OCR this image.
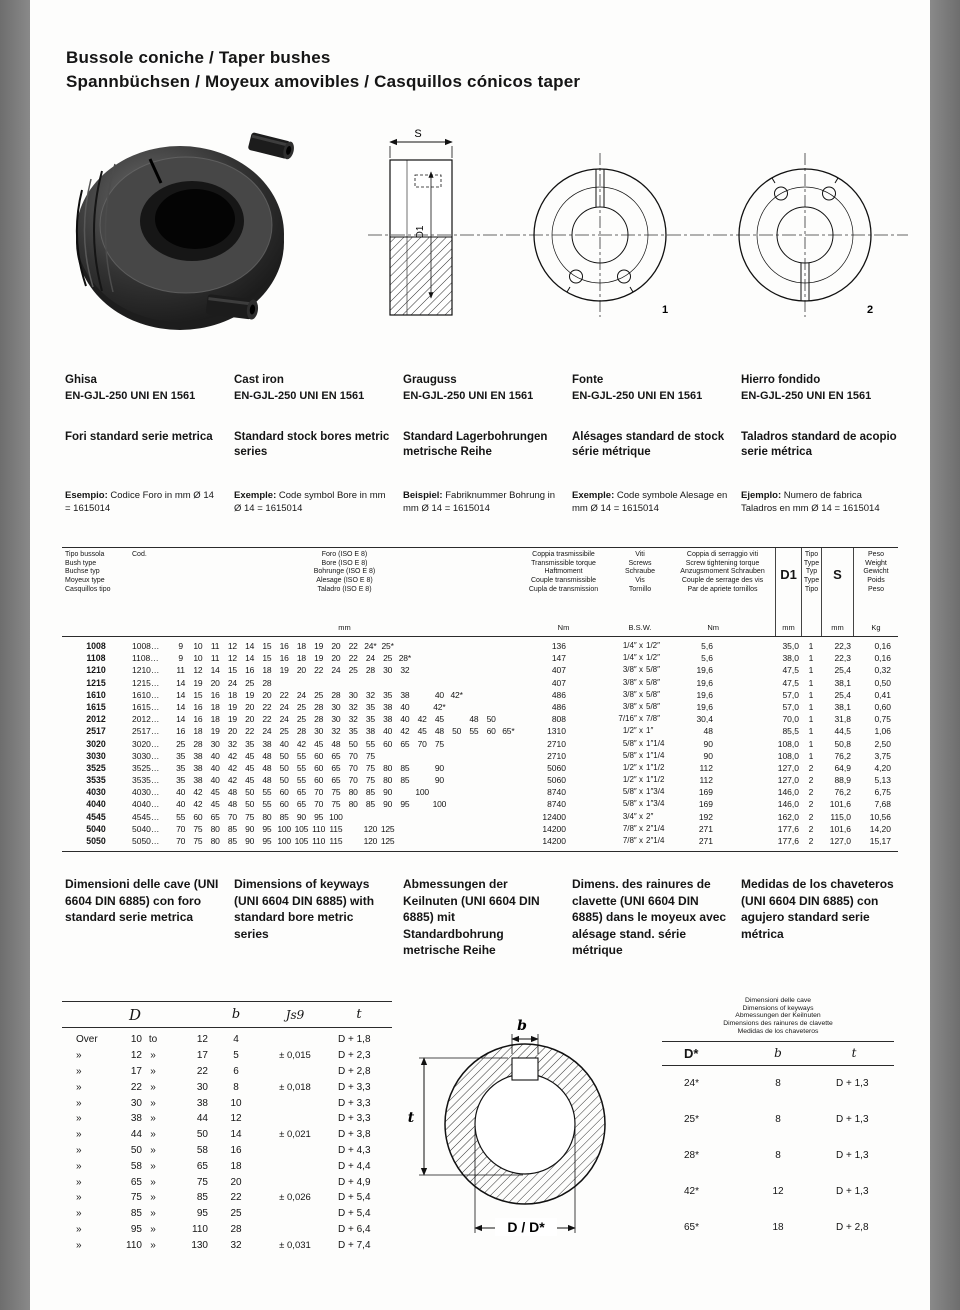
Bussole coniche / Taper bushes
Spannbüchsen / Moyeux amovibles / Casquillos cónicos taper
S
D1
1	2
Ghisa
EN-GJL-250 UNI EN 1561
Cast iron
EN-GJL-250 UNI EN 1561
Grauguss
EN-GJL-250 UNI EN 1561
Fonte
EN-GJL-250 UNI EN 1561
Hierro fondido
EN-GJL-250 UNI EN 1561
Fori standard serie metrica
Esempio: Codice Foro in mm Ø 14 = 1615014
Standard stock bores metric series
Exemple: Code symbol Bore in mm Ø 14 = 1615014
Standard Lagerbohrungen metrische Reihe
Beispiel: Fabriknummer Bohrung in mm Ø 14 = 1615014
Alésages standard de stock série métrique
Exemple: Code symbole Alesage en mm Ø 14 = 1615014
Taladros standard de acopio serie métrica
Ejemplo: Numero de fabrica Taladros en mm Ø 14 = 1615014
Tipo bussola
Bush type
Buchse typ
Moyeux type
Casquillos tipo
Cod.	Foro (ISO E 8)
Bore (ISO E 8)
Bohrunge (ISO E 8)
Alesage (ISO E 8)
Taladro (ISO E 8)
mm
Coppia trasmissibile
Transmissible torque
Haftmoment
Couple transmissible
Cupla de transmission
Nm
Viti
Screws
Schraube
Vis
Tornillo
B.S.W.
Coppia di serraggio viti
Screw tightening torque
Anzugsmoment Schrauben
Couple de serrage des vis
Par de apriete tornillos
Nm
D1
mm
Tipo
Type
Typ
Type
Tipo
S
mm
Peso
Weight
Gewicht
Poids
Peso
Kg
1008	1008…	9	10	11	12 14 15 16 18 19 20 22 24* 25*	136	1/4″ x 1/2″	5,6	35,0	1	22,3	0,16
1108	1108…	9	10	11	12 14 15 16 18 19 20 22 24 25 28*	147	1/4″ x 1/2″	5,6	38,0	1	22,3	0,16
1210	1210…	11	12 14 15 16 18 19 20 22 24 25 28 30 32	407	3/8″ x 5/8″	19,6	47,5	1	25,4	0,32
1215	1215…	14 19 20 24 25 28	407	3/8″ x 5/8″	19,6	47,5	1	38,1	0,50
1610	1610…	14 15 16 18 19 20 22 24 25 28 30 32 35 38	40 42*	486	3/8″ x 5/8″	19,6	57,0	1	25,4	0,41
1615	1615…	14 16 18 19 20 22 24 25 28 30 32 35 38 40	42*	486	3/8″ x 5/8″	19,6	57,0	1	38,1	0,60
2012	2012…	14 16 18 19 20 22 24 25 28 30 32 35 38 40 42 45	48 50	808	7/16″ x 7/8″	30,4	70,0	1	31,8	0,75
2517	2517…	16 18 19 20 22 24 25 28 30 32 35 38 40 42 45 48 50 55 60 65*	1310	1/2″ x 1″	48	85,5	1	44,5	1,06
3020	3020…	25 28 30 32 35 38 40 42 45 48 50 55 60 65 70 75	2710	5/8″ x 1″1/4	90	108,0	1	50,8	2,50
3030	3030…	35 38 40 42 45 48 50 55 60 65 70 75	2710	5/8″ x 1″1/4	90	108,0	1	76,2	3,75
3525	3525…	35 38 40 42 45 48 50 55 60 65 70 75 80 85	90	5060	1/2″ x 1″1/2	112	127,0	2	64,9	4,20
3535	3535…	35 38 40 42 45 48 50 55 60 65 70 75 80 85	90	5060	1/2″ x 1″1/2	112	127,0	2	88,9	5,13
4030	4030…	40 42 45 48 50 55 60 65 70 75 80 85 90	100	8740	5/8″ x 1″3/4	169	146,0	2	76,2	6,75
4040	4040…	40 42 45 48 50 55 60 65 70 75 80 85 90 95	100	8740	5/8″ x 1″3/4	169	146,0	2	101,6	7,68
4545	4545…	55 60 65 70 75 80 85 90 95 100	12400	3/4″ x 2″	192	162,0	2	115,0	10,56
5040	5040…	70 75 80 85 90 95 100 105 110 115 120 125	14200	7/8″ x 2″1/4	271	177,6	2	101,6	14,20
5050	5050…	70 75 80 85 90 95 100 105 110 115 120 125	14200	7/8″ x 2″1/4	271	177,6	2	127,0	15,17
Dimensioni delle cave (UNI 6604 DIN 6885) con foro standard serie metrica
Dimensions of keyways (UNI 6604 DIN 6885) with standard bore metric series
Abmessungen der Keilnuten (UNI 6604 DIN 6885) mit Standardbohrung metrische Reihe
Dimens. des rainures de clavette (UNI 6604 DIN 6885) dans le moyeux avec alésage stand. série métrique
Medidas de los chaveteros (UNI 6604 DIN 6885) con agujero standard serie métrica
D	b	Js9	t
Over	10 to	12	4	D + 1,8
»	12 »	17	5	± 0,015	D + 2,3
»	17 »	22	6	D + 2,8
»	22 »	30	8	± 0,018	D + 3,3
»	30 »	38	10	D + 3,3
»	38 »	44	12	D + 3,3
»	44 »	50	14	± 0,021	D + 3,8
»	50 »	58	16	D + 4,3
»	58 »	65	18	D + 4,4
»	65 »	75	20	D + 4,9
»	75 »	85	22	± 0,026	D + 5,4
»	85 »	95	25	D + 5,4
»	95 »	110	28	D + 6,4
»	110 »	130	32	± 0,031	D + 7,4
b
t
D / D*
Dimensioni delle cave
Dimensions of keyways
Abmessungen der Keilnuten
Dimensions des rainures de clavette
Medidas de los chaveteros
D*	b	t
24*	8	D + 1,3
25*	8	D + 1,3
28*	8	D + 1,3
42*	12	D + 1,3
65*	18	D + 2,8
